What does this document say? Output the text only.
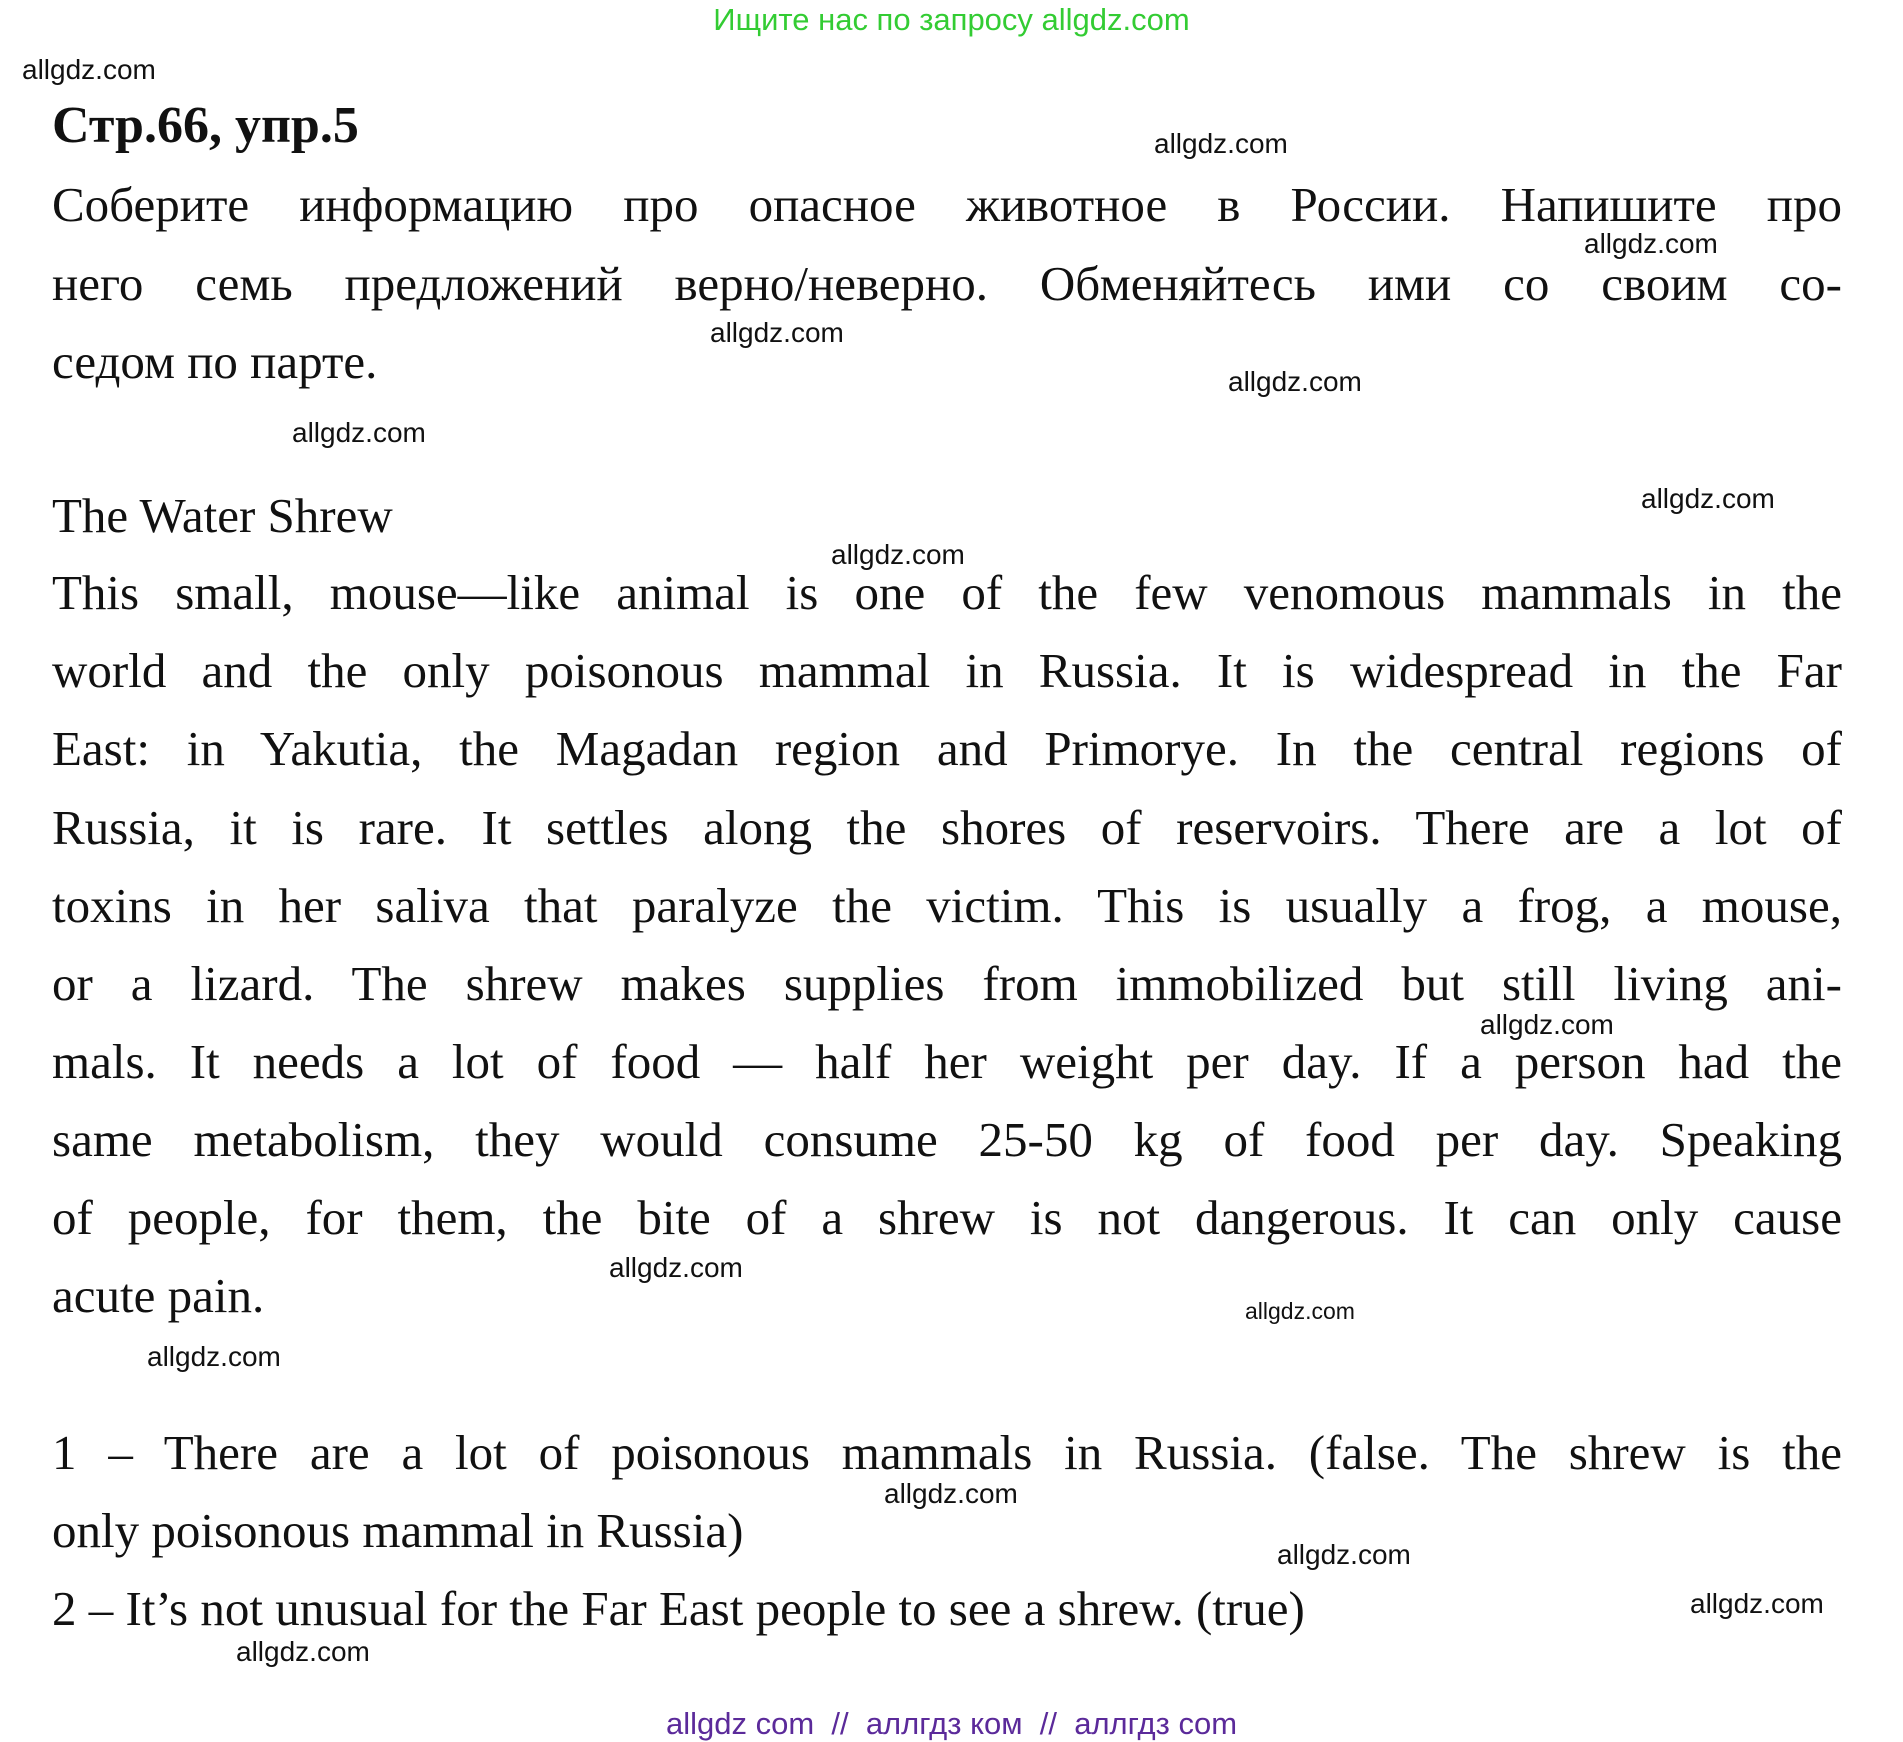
Ищите нас по запросу allgdz.com
Стр.66, упр.5
Соберите информацию про опасное животное в России. Напишите про
него семь предложений верно/неверно. Обменяйтесь ими со своим со-
седом по парте.
The Water Shrew
This small, mouse—like animal is one of the few venomous mammals in the
world and the only poisonous mammal in Russia. It is widespread in the Far
East: in Yakutia, the Magadan region and Primorye. In the central regions of
Russia, it is rare. It settles along the shores of reservoirs. There are a lot of
toxins in her saliva that paralyze the victim. This is usually a frog, a mouse,
or a lizard. The shrew makes supplies from immobilized but still living ani-
mals. It needs a lot of food — half her weight per day. If a person had the
same metabolism, they would consume 25-50 kg of food per day. Speaking
of people, for them, the bite of a shrew is not dangerous. It can only cause
acute pain.
1 – There are a lot of poisonous mammals in Russia. (false. The shrew is the
only poisonous mammal in Russia)
2 – It’s not unusual for the Far East people to see a shrew. (true)
allgdz.com
allgdz.com
allgdz.com
allgdz.com
allgdz.com
allgdz.com
allgdz.com
allgdz.com
allgdz.com
allgdz.com
allgdz.com
allgdz.com
allgdz.com
allgdz.com
allgdz.com
allgdz.com
allgdz com  //  аллгдз ком  //  аллгдз com
